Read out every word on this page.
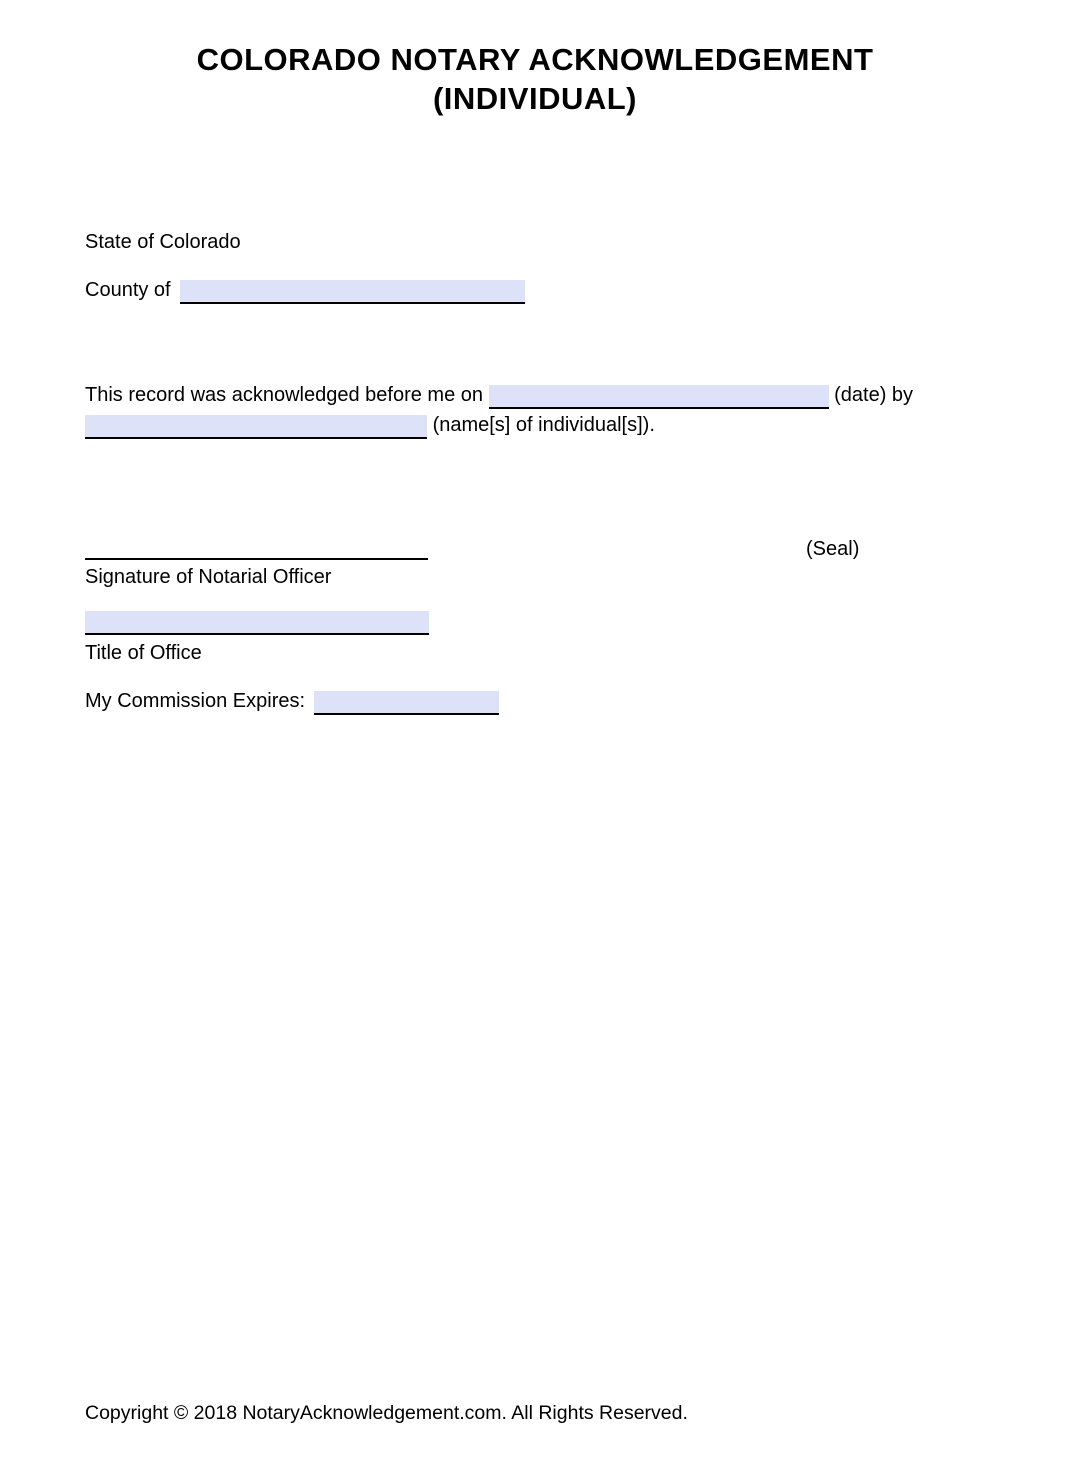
COLORADO NOTARY ACKNOWLEDGEMENT
(INDIVIDUAL)
State of Colorado
County of

This record was acknowledged before me on	(date) by
(name[s] of individual[s]).

(Seal)
Signature of Notarial Officer
Title of Office
My Commission Expires:
Copyright © 2018 NotaryAcknowledgement.com. All Rights Reserved.
